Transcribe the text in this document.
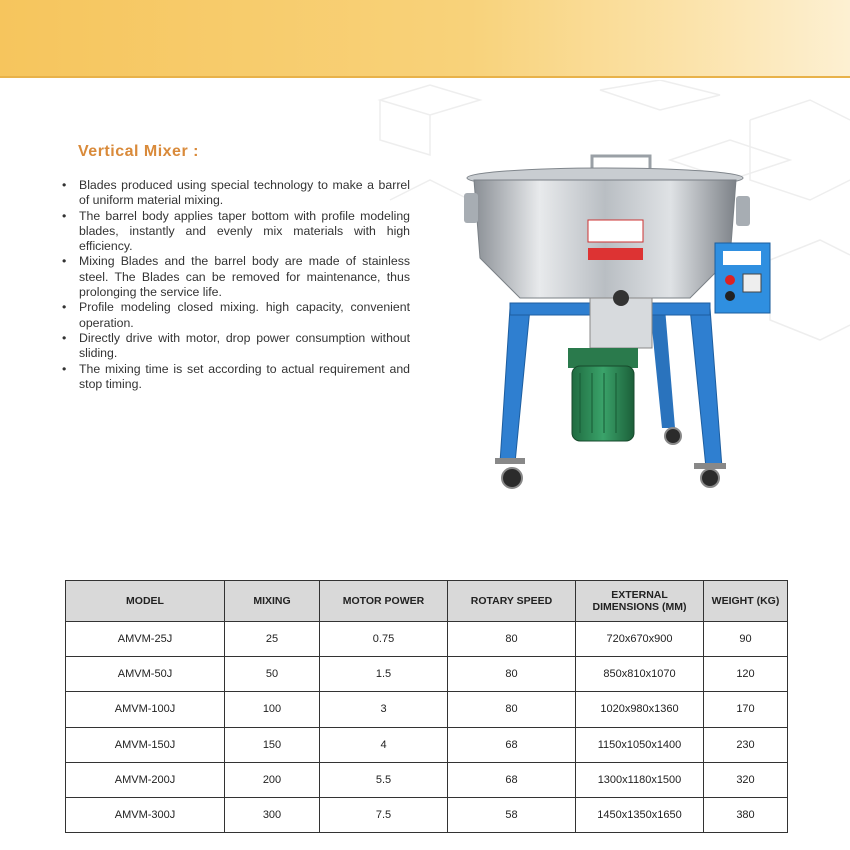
Vertical Mixer :
• Blades produced using special technology to make a barrel of uniform material mixing.
• The barrel body applies taper bottom with profile modeling blades, instantly and evenly mix materials with high efficiency.
• Mixing Blades and the barrel body are made of stainless steel. The Blades can be removed for maintenance, thus prolonging the service life.
• Profile modeling closed mixing. high capacity, convenient operation.
• Directly drive with motor, drop power consumption without sliding.
• The mixing time is set according to actual requirement and stop timing.
MODEL	MIXING	MOTOR POWER	ROTARY SPEED	EXTERNAL DIMENSIONS (MM)	WEIGHT (KG)
AMVM-25J	25	0.75	80	720x670x900	90
AMVM-50J	50	1.5	80	850x810x1070	120
AMVM-100J	100	3	80	1020x980x1360	170
AMVM-150J	150	4	68	1150x1050x1400	230
AMVM-200J	200	5.5	68	1300x1180x1500	320
AMVM-300J	300	7.5	58	1450x1350x1650	380
